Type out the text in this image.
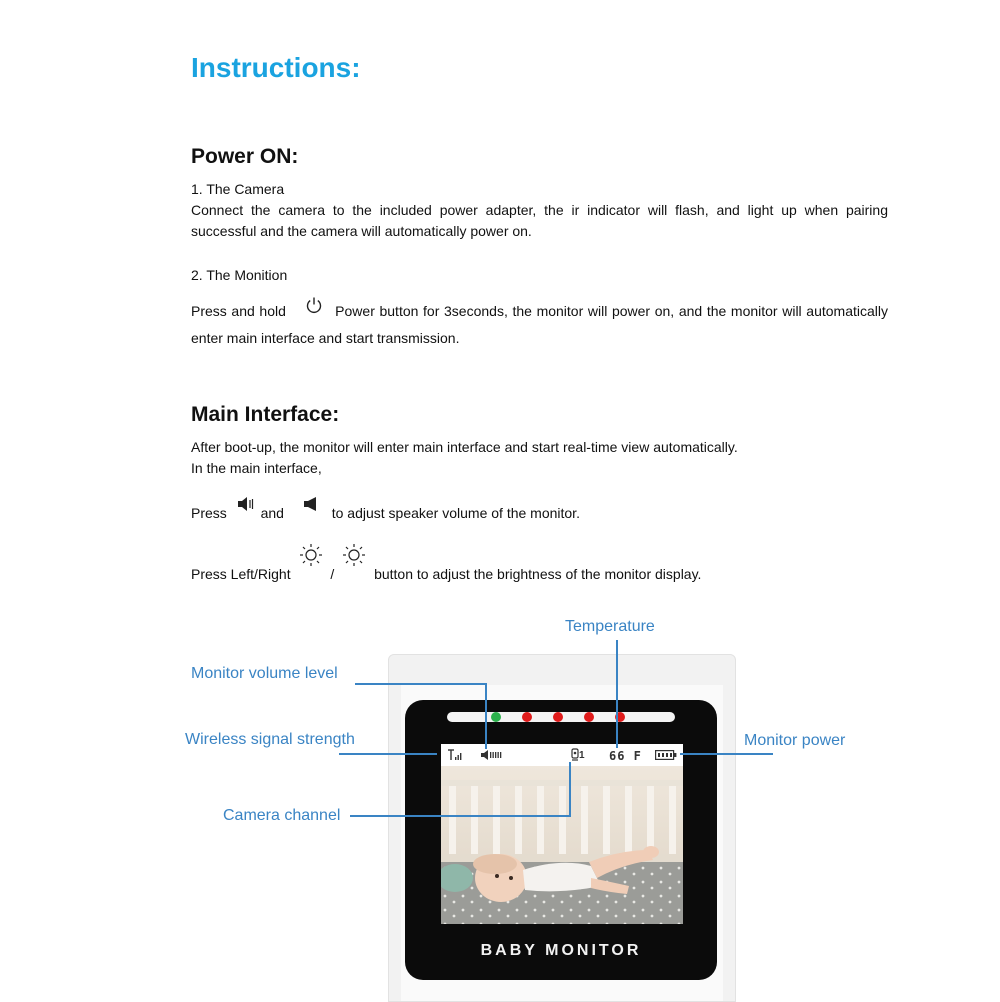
Instructions:
Power ON:
1. The Camera
Connect the camera to the included power adapter, the ir indicator will flash, and light up when pairing successful and the camera will automatically power on.
2. The Monition
Press and hold	Power button for 3seconds, the monitor will power on, and the monitor will automatically enter main interface and start transmission.
Main Interface:
After boot-up, the monitor will enter main interface and start real-time view automatically.
In the main interface,
Press and	to adjust speaker volume of the monitor.
Press Left/Right	/	button to adjust the brightness of the monitor display.
1 66 F
BABY MONITOR
Temperature
Monitor volume level
Wireless signal strength	Monitor power
Camera channel
